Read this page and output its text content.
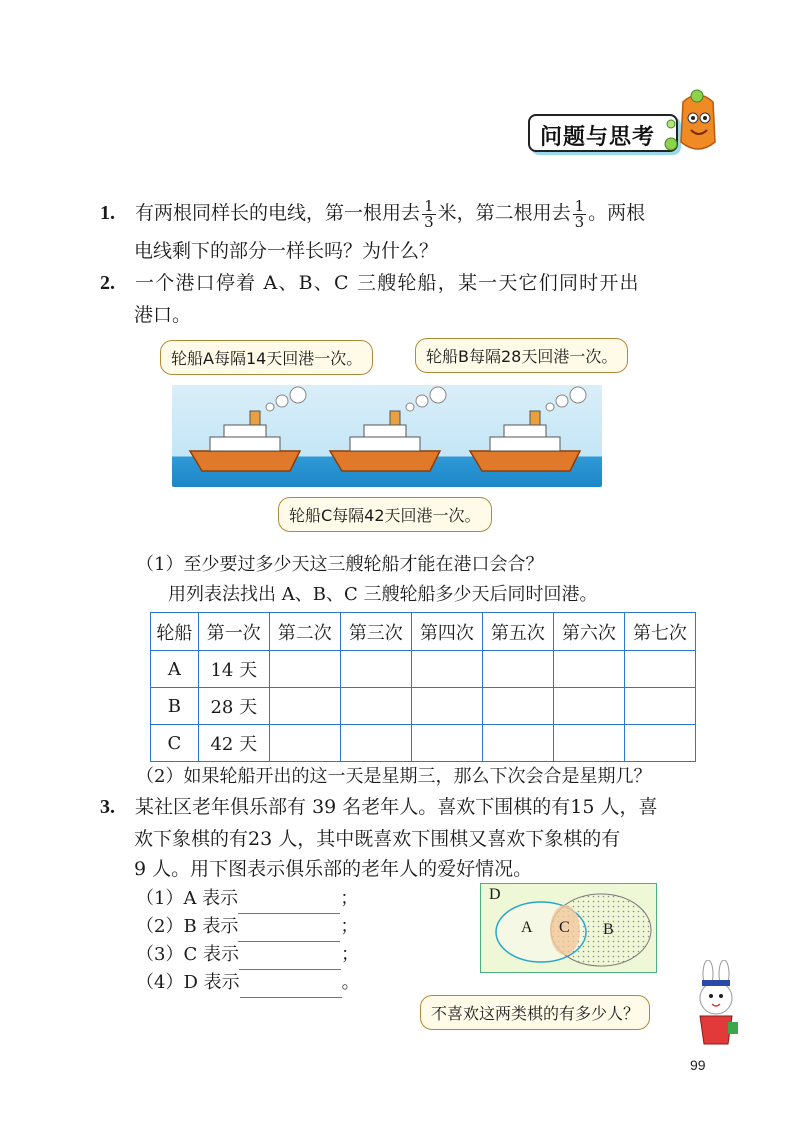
问题与思考
1. 有两根同样长的电线，第一根用去 $\frac{1}{3}$ 米，第二根用去 $\frac{1}{3}$ 。两根
电线剩下的部分一样长吗？为什么？
2. 一个港口停着 A、B、C 三艘轮船，某一天它们同时开出
港口。
轮船A每隔14天回港一次。	轮船B每隔28天回港一次。
轮船C每隔42天回港一次。
（1）至少要过多少天这三艘轮船才能在港口会合？
用列表法找出 A、B、C 三艘轮船多少天后同时回港。
轮船	第一次	第二次	第三次	第四次	第五次	第六次	第七次
A	14 天						
B	28 天						
C	42 天						
（2）如果轮船开出的这一天是星期三，那么下次会合是星期几？
3. 某社区老年俱乐部有 39 名老年人。喜欢下围棋的有15 人，喜
欢下象棋的有23 人，其中既喜欢下围棋又喜欢下象棋的有
9 人。用下图表示俱乐部的老年人的爱好情况。
（1）A 表示	；
（2）B 表示	；
（3）C 表示	；
（4）D 表示	。
D
A C B
不喜欢这两类棋的有多少人？
99
